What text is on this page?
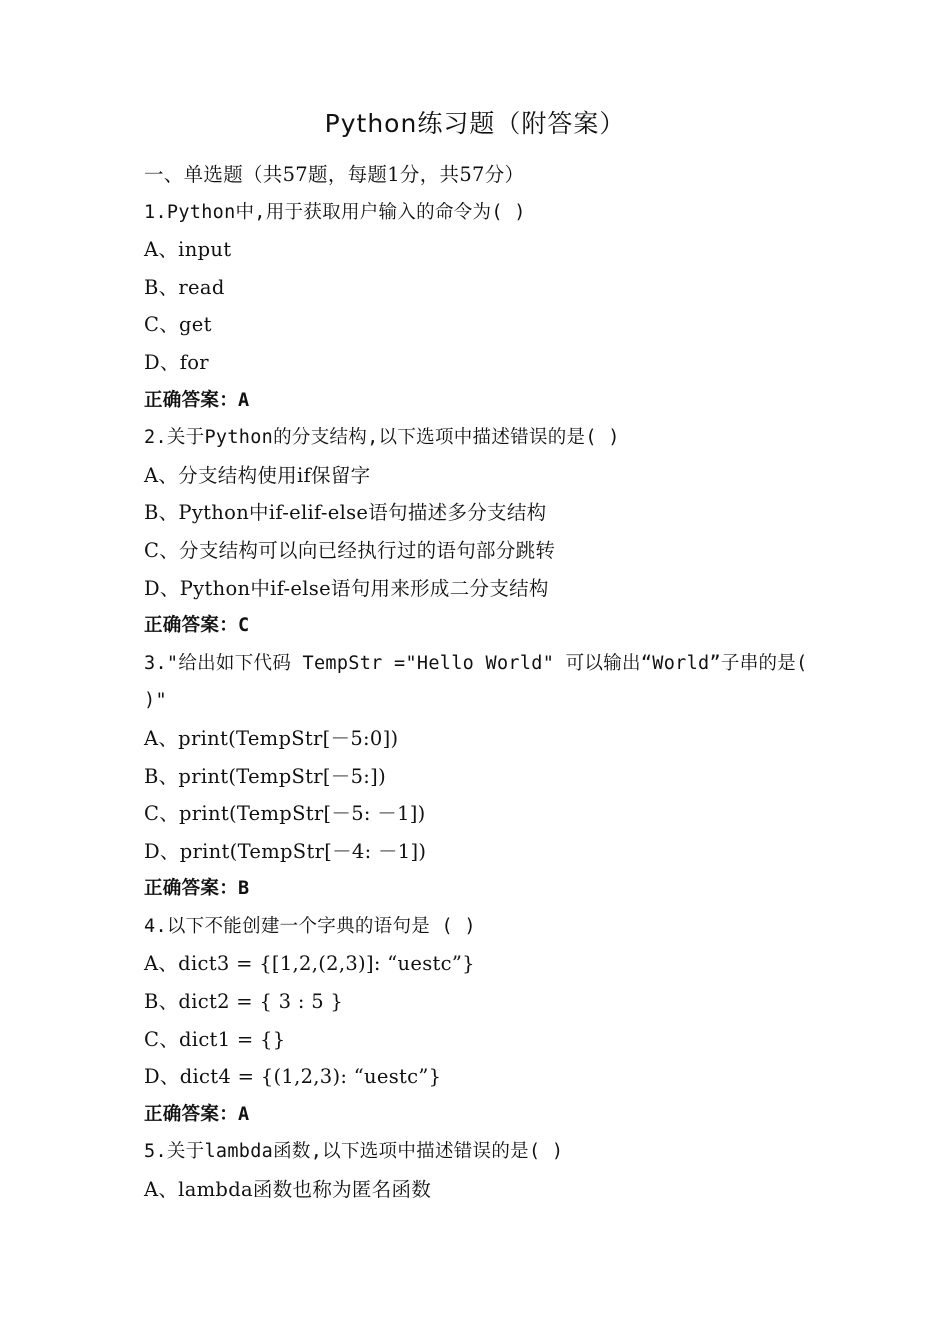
Python练习题（附答案）
一、单选题（共57题，每题1分，共57分）
1.Python中,用于获取用户输入的命令为( )
A、input
B、read
C、get
D、for
正确答案：A
2.关于Python的分支结构,以下选项中描述错误的是( )
A、分支结构使用if保留字
B、Python中if-elif-else语句描述多分支结构
C、分支结构可以向已经执行过的语句部分跳转
D、Python中if-else语句用来形成二分支结构
正确答案：C
3."给出如下代码 TempStr ="Hello World" 可以输出“World”子串的是( )"
A、print(TempStr[－5:0])
B、print(TempStr[－5:])
C、print(TempStr[－5: －1])
D、print(TempStr[－4: －1])
正确答案：B
4.以下不能创建一个字典的语句是 ( )
A、dict3 = {[1,2,(2,3)]: “uestc”}
B、dict2 = { 3 : 5 }
C、dict1 = {}
D、dict4 = {(1,2,3): “uestc”}
正确答案：A
5.关于lambda函数,以下选项中描述错误的是( )
A、lambda函数也称为匿名函数
